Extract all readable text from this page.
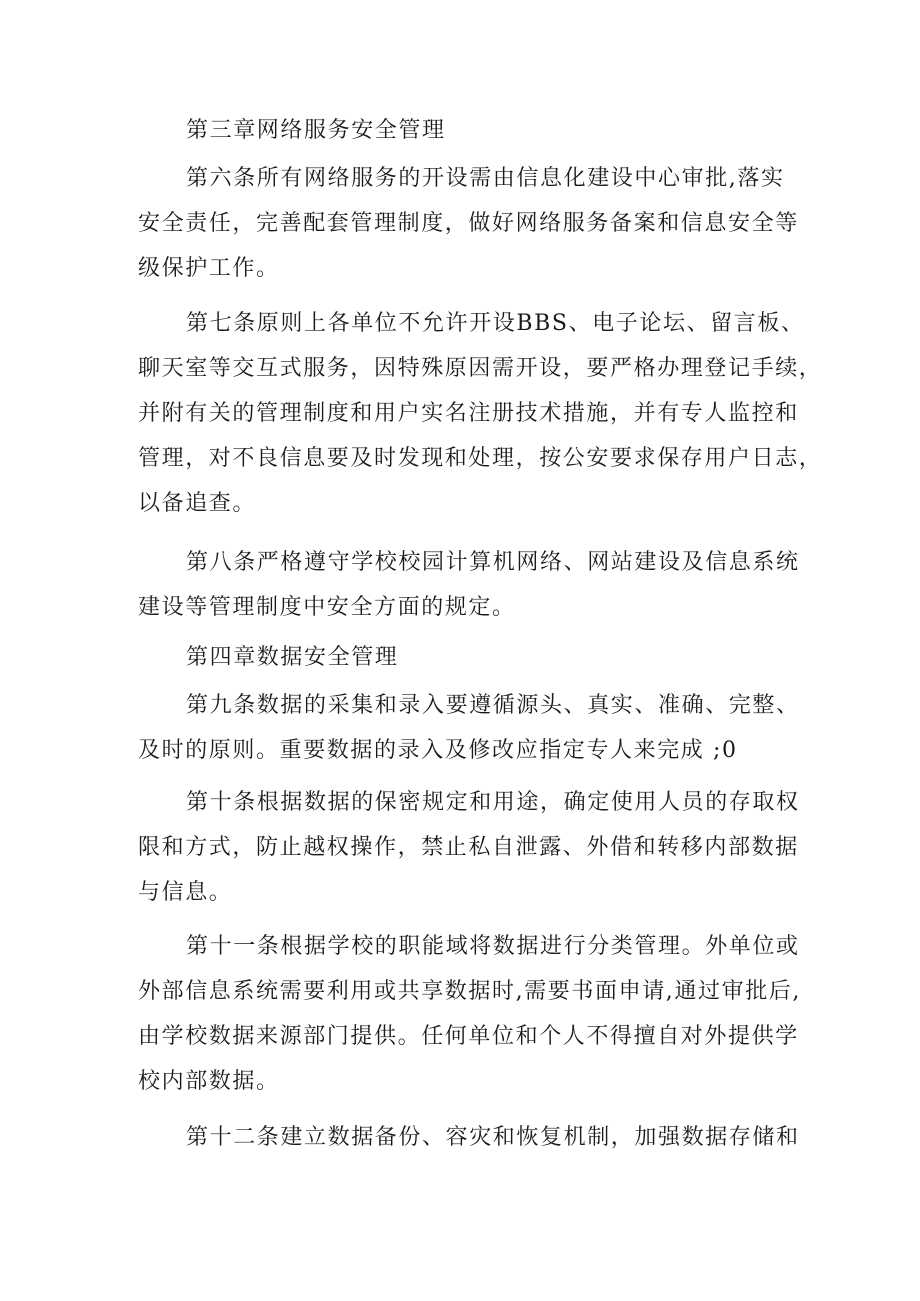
第三章网络服务安全管理
第六条所有网络服务的开设需由信息化建设中心审批,落实
安全责任，完善配套管理制度，做好网络服务备案和信息安全等
级保护工作。
第七条原则上各单位不允许开设BBS、电子论坛、留言板、
聊天室等交互式服务，因特殊原因需开设，要严格办理登记手续，
并附有关的管理制度和用户实名注册技术措施，并有专人监控和
管理，对不良信息要及时发现和处理，按公安要求保存用户日志，
以备追查。
第八条严格遵守学校校园计算机网络、网站建设及信息系统
建设等管理制度中安全方面的规定。
第四章数据安全管理
第九条数据的采集和录入要遵循源头、真实、准确、完整、
及时的原则。重要数据的录入及修改应指定专人来完成 ;0
第十条根据数据的保密规定和用途，确定使用人员的存取权
限和方式，防止越权操作，禁止私自泄露、外借和转移内部数据
与信息。
第十一条根据学校的职能域将数据进行分类管理。外单位或
外部信息系统需要利用或共享数据时,需要书面申请,通过审批后,
由学校数据来源部门提供。任何单位和个人不得擅自对外提供学
校内部数据。
第十二条建立数据备份、容灾和恢复机制，加强数据存储和
